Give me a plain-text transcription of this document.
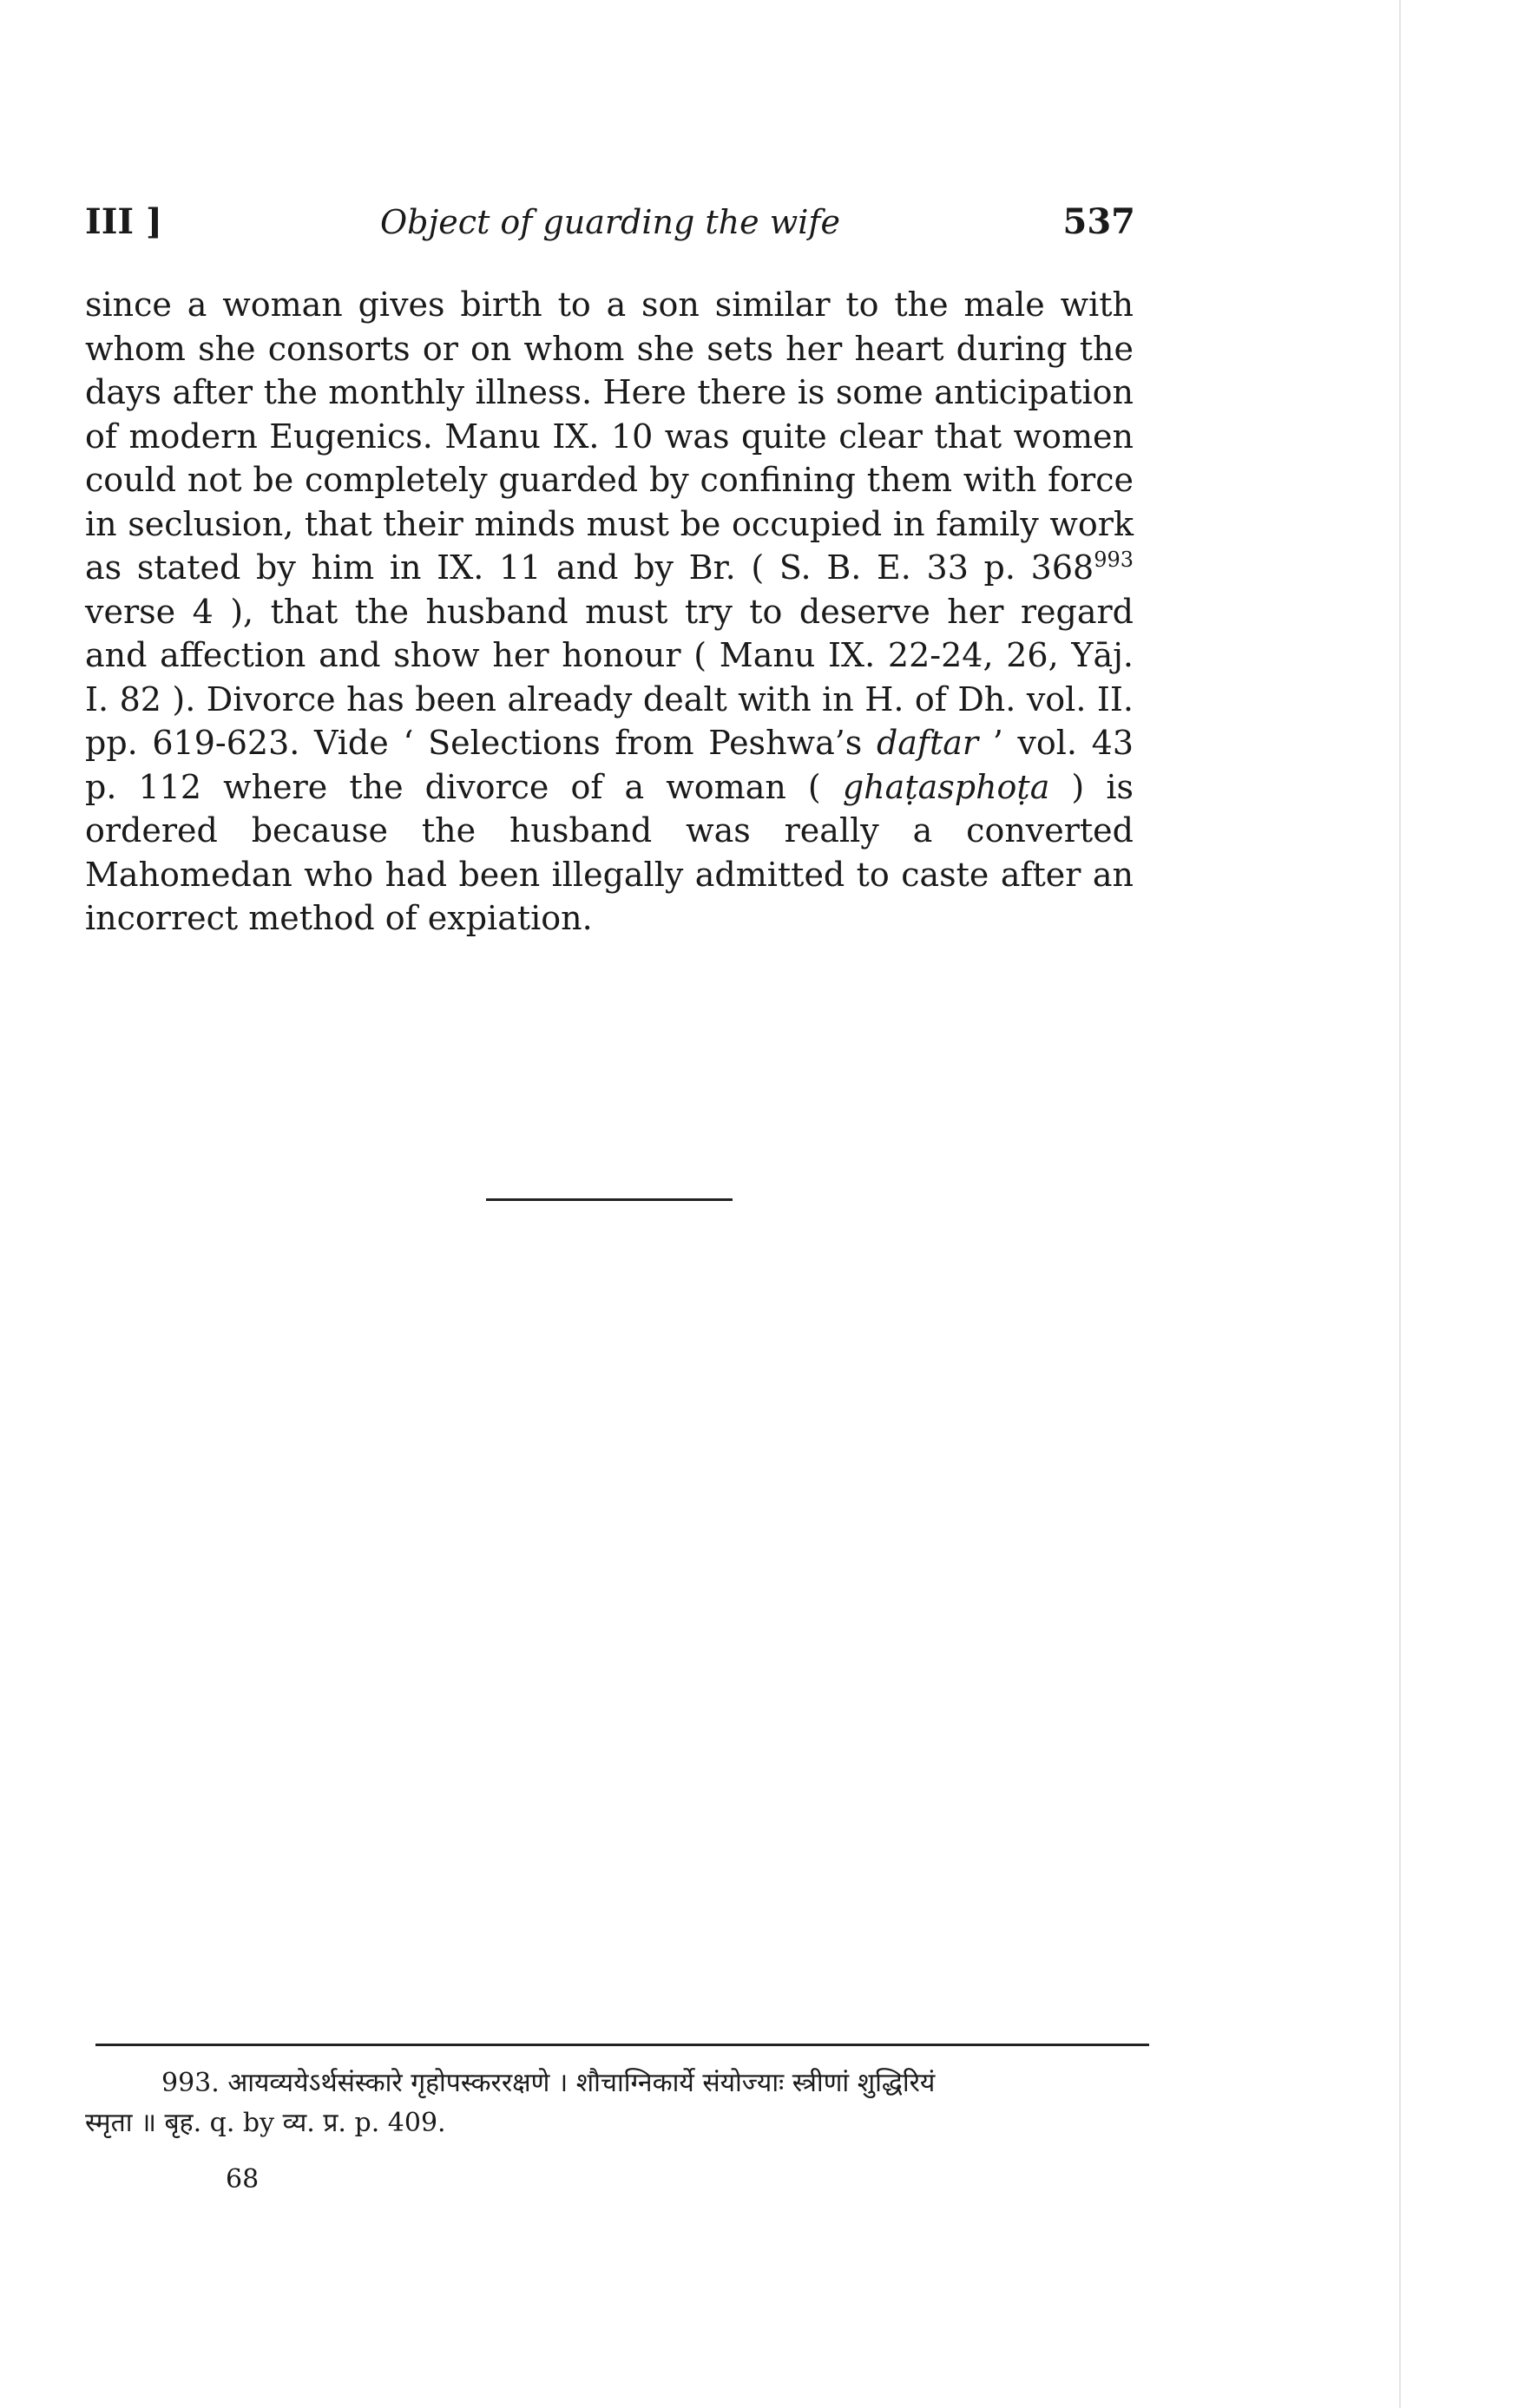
III ]	Object of guarding the wife	537

since a woman gives birth to a son similar to the male with whom she consorts or on whom she sets her heart during the days after the monthly illness. Here there is some anticipation of modern Eugenics. Manu IX. 10 was quite clear that women could not be completely guarded by confining them with force in seclusion, that their minds must be occupied in family work as stated by him in IX. 11 and by Br. ( S. B. E. 33 p. $368^{993}$ verse 4 ), that the husband must try to deserve her regard and affection and show her honour ( Manu IX. 22-24, 26, Yāj. I. 82 ). Divorce has been already dealt with in H. of Dh. vol. II. pp. 619-623. Vide ‘ Selections from Peshwa’s daftar ’ vol. 43 p. 112 where the divorce of a woman ( ghaṭasphoṭa ) is ordered because the husband was really a converted Mahomedan who had been illegally admitted to caste after an incorrect method of expiation.

993. आयव्ययेऽर्थसंस्कारे गृहोपस्कररक्षणे । शौचाग्निकार्ये संयोज्याः स्त्रीणां शुद्धिरियं
स्मृता ॥ बृह. q. by व्य. प्र. p. 409.
68
